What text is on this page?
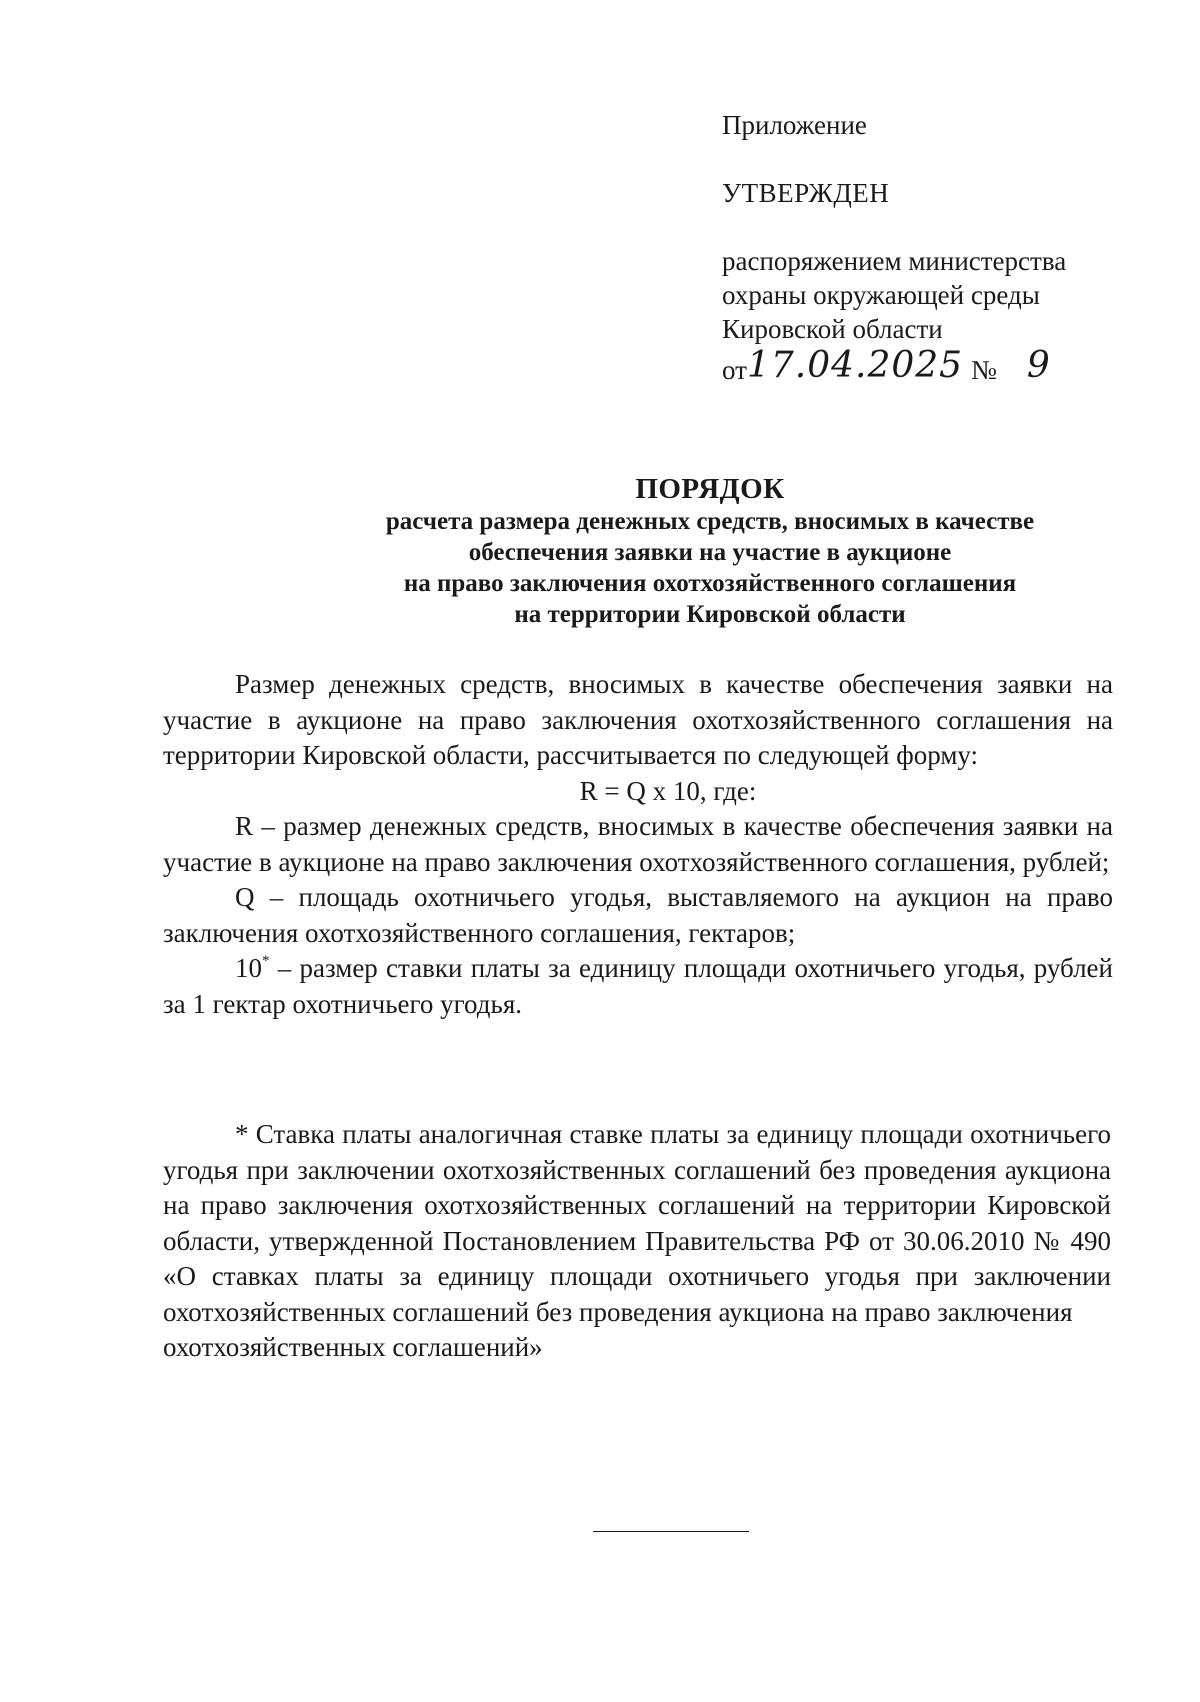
Приложение
УТВЕРЖДЕН
распоряжением министерства
охраны окружающей среды
Кировской области
от17.04.2025 № 9
ПОРЯДОК
расчета размера денежных средств, вносимых в качестве
обеспечения заявки на участие в аукционе
на право заключения охотхозяйственного соглашения
на территории Кировской области

Размер денежных средств, вносимых в качестве обеспечения заявки на участие в аукционе на право заключения охотхозяйственного соглашения на территории Кировской области, рассчитывается по следующей форму:

R = Q х 10, где:

R – размер денежных средств, вносимых в качестве обеспечения заявки на участие в аукционе на право заключения охотхозяйственного соглашения, рублей;

Q – площадь охотничьего угодья, выставляемого на аукцион на право заключения охотхозяйственного соглашения, гектаров;

10* – размер ставки платы за единицу площади охотничьего угодья, рублей за 1 гектар охотничьего угодья.

* Ставка платы аналогичная ставке платы за единицу площади охотничьего угодья при заключении охотхозяйственных соглашений без проведения аукциона на право заключения охотхозяйственных соглашений на территории Кировской области, утвержденной Постановлением Правительства РФ от 30.06.2010 № 490 «О ставках платы за единицу площади охотничьего угодья при заключении охотхозяйственных соглашений без проведения аукциона на право заключения

охотхозяйственных соглашений»
